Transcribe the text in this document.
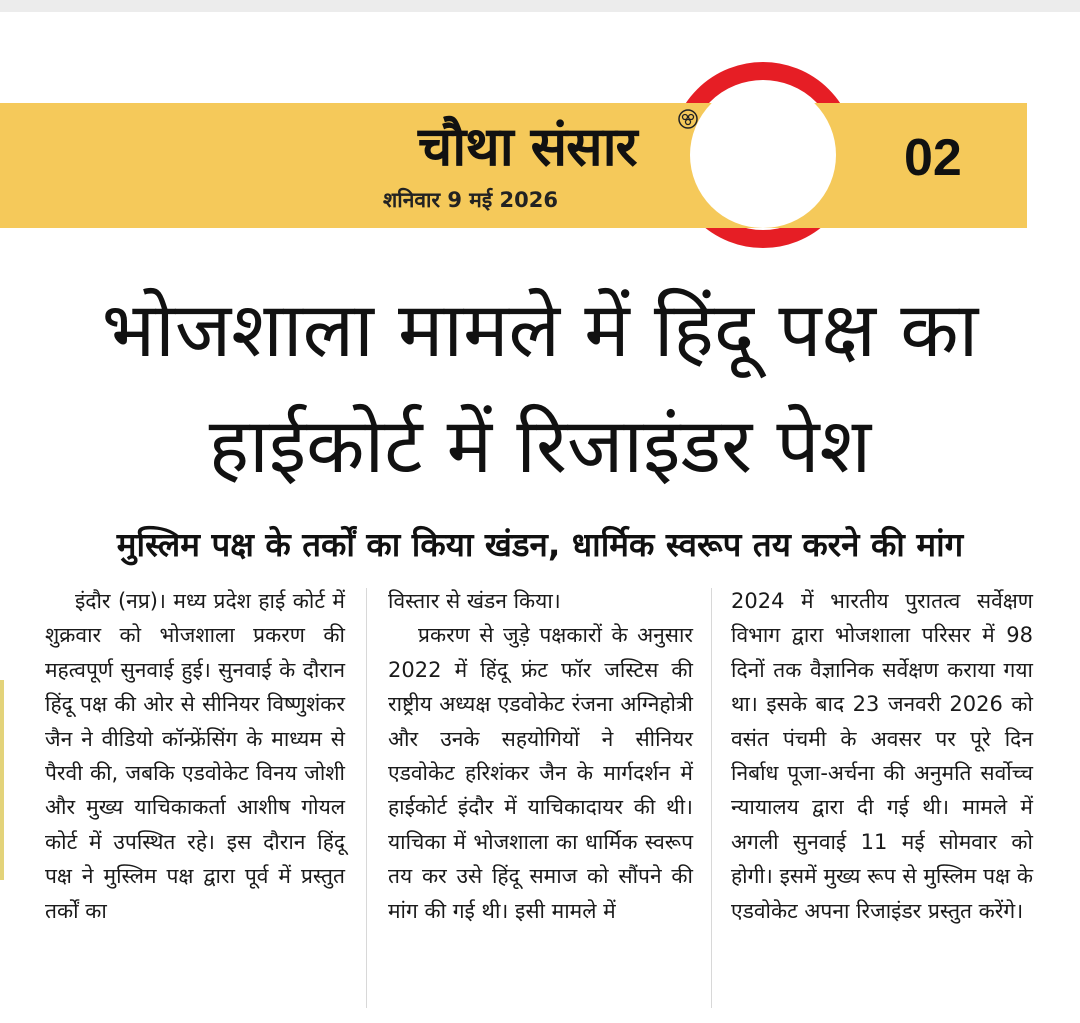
चौथा संसार
शनिवार 9 मई 2026
02
भोजशाला मामले में हिंदू पक्ष का
हाईकोर्ट में रिजाइंडर पेश
मुस्लिम पक्ष के तर्कों का किया खंडन, धार्मिक स्वरूप तय करने की मांग

इंदौर (नप्र)। मध्य प्रदेश हाई कोर्ट में शुक्रवार को भोजशाला प्रकरण की महत्वपूर्ण सुनवाई हुई। सुनवाई के दौरान हिंदू पक्ष की ओर से सीनियर विष्णुशंकर जैन ने वीडियो कॉन्फ्रेंसिंग के माध्यम से पैरवी की, जबकि एडवोकेट विनय जोशी और मुख्य याचिकाकर्ता आशीष गोयल कोर्ट में उपस्थित रहे। इस दौरान हिंदू पक्ष ने मुस्लिम पक्ष द्वारा पूर्व में प्रस्तुत तर्कों का

विस्तार से खंडन किया।

प्रकरण से जुड़े पक्षकारों के अनुसार 2022 में हिंदू फ्रंट फॉर जस्टिस की राष्ट्रीय अध्यक्ष एडवोकेट रंजना अग्निहोत्री और उनके सहयोगियों ने सीनियर एडवोकेट हरिशंकर जैन के मार्गदर्शन में हाईकोर्ट इंदौर में याचिकादायर की थी। याचिका में भोजशाला का धार्मिक स्वरूप तय कर उसे हिंदू समाज को सौंपने की मांग की गई थी। इसी मामले में

2024 में भारतीय पुरातत्व सर्वेक्षण विभाग द्वारा भोजशाला परिसर में 98 दिनों तक वैज्ञानिक सर्वेक्षण कराया गया था। इसके बाद 23 जनवरी 2026 को वसंत पंचमी के अवसर पर पूरे दिन निर्बाध पूजा-अर्चना की अनुमति सर्वोच्च न्यायालय द्वारा दी गई थी। मामले में अगली सुनवाई 11 मई सोमवार को होगी। इसमें मुख्य रूप से मुस्लिम पक्ष के एडवोकेट अपना रिजाइंडर प्रस्तुत करेंगे।
